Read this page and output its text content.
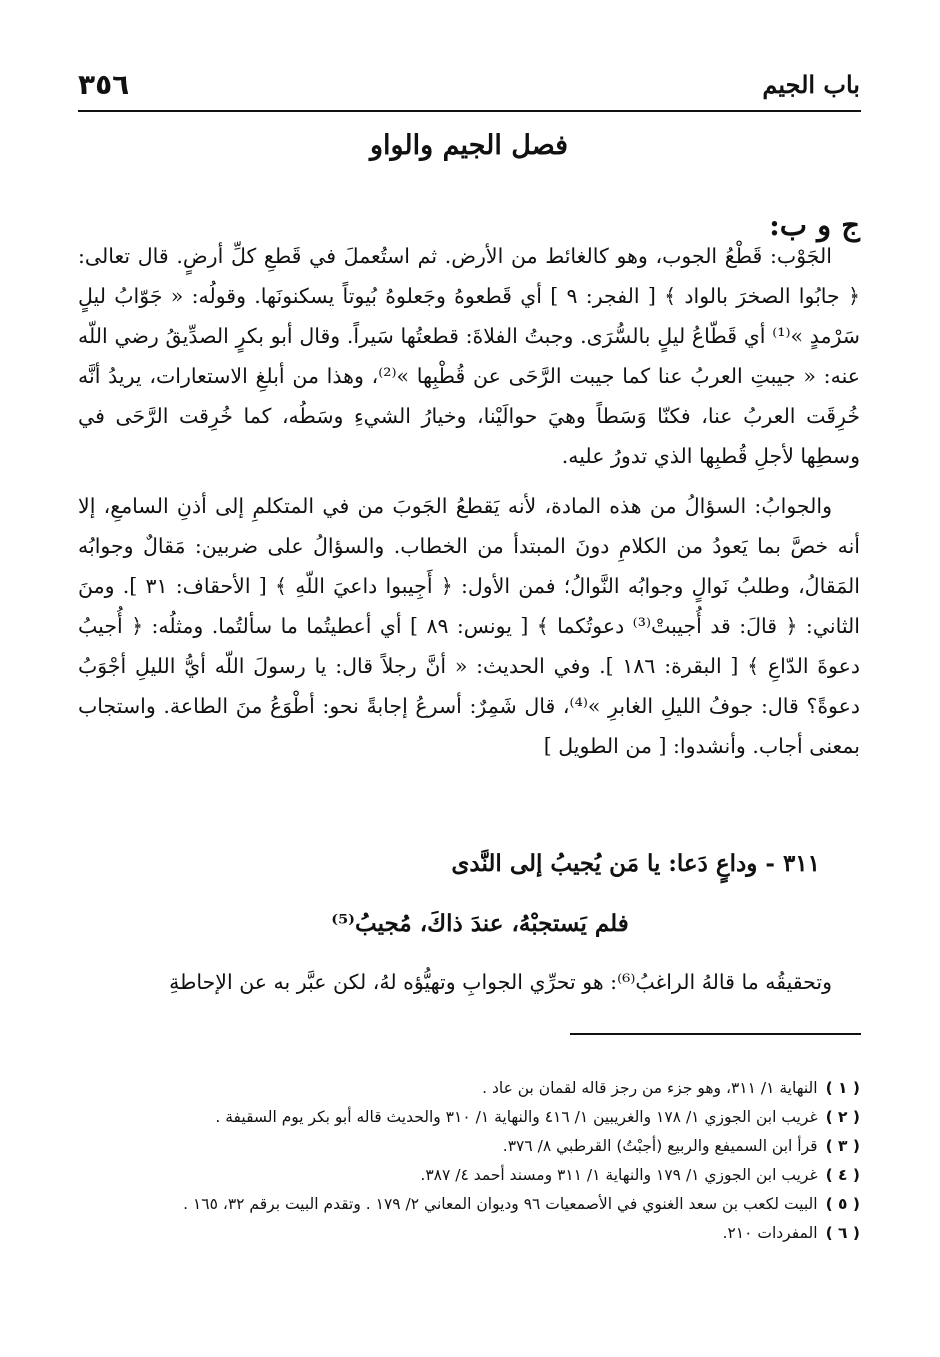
باب الجيم
٣٥٦
فصل الجيم والواو
ج و ب:

الجَوْب: قَطْعُ الجوب، وهو كالغائط من الأرض. ثم استُعملَ في قَطعِ كلِّ أرضٍ. قال تعالى: ﴿ جابُوا الصخرَ بالواد ﴾ [ الفجر: ٩ ] أي قَطعوهُ وجَعلوهُ بُيوتاً يسكنونَها. وقولُه: « جَوّابُ ليلٍ سَرْمدٍ »⁽¹⁾ أي قَطّاعُ ليلٍ بالسُّرَى. وجبتُ الفلاةَ: قطعتُها سَيراً. وقال أبو بكرٍ الصدِّيقُ رضي اللّه عنه: « جيبتِ العربُ عنا كما جيبت الرَّحَى عن قُطْبِها »⁽²⁾، وهذا من أبلغِ الاستعارات، يريدُ أنَّه خُرِقَت العربُ عنا، فكنّا وَسَطاً وهيَ حوالَيْنا، وخيارُ الشيءِ وسَطُه، كما خُرِقت الرَّحَى في وسطِها لأجلِ قُطبِها الذي تدورُ عليه.

والجوابُ: السؤالُ من هذه المادة، لأنه يَقطعُ الجَوبَ من في المتكلمِ إلى أذنِ السامعِ، إلا أنه خصَّ بما يَعودُ من الكلامِ دونَ المبتدأ من الخطاب. والسؤالُ على ضربين: مَقالٌ وجوابُه المَقالُ، وطلبُ نَوالٍ وجوابُه النَّوالُ؛ فمن الأول: ﴿ أَجِيبوا داعيَ اللّهِ ﴾ [ الأحقاف: ٣١ ]. ومنَ الثاني: ﴿ قالَ: قد أُجيبتْ⁽³⁾ دعوتُكما ﴾ [ يونس: ٨٩ ] أي أعطيتُما ما سألتُما. ومثلُه: ﴿ أُجيبُ دعوةَ الدّاعِ ﴾ [ البقرة: ١٨٦ ]. وفي الحديث: « أنَّ رجلاً قال: يا رسولَ اللّه أيُّ الليلِ أجْوَبُ دعوةً؟ قال: جوفُ الليلِ الغابرِ »⁽⁴⁾، قال شَمِرٌ: أسرعُ إجابةً نحو: أطْوَعُ منَ الطاعة. واستجاب بمعنى أجاب. وأنشدوا: [ من الطويل ]

٣١١ - وداعٍ دَعا: يا مَن يُجيبُ إلى النَّدى
فلم يَستجبْهُ، عندَ ذاكَ، مُجيبُ⁽⁵⁾
وتحقيقُه ما قالهُ الراغبُ⁽⁶⁾: هو تحرِّي الجوابِ وتهيُّؤه لهُ، لكن عبَّر به عن الإحاطةِ
( ١ )النهاية ١/ ٣١١، وهو جزء من رجز قاله لقمان بن عاد .
( ٢ )غريب ابن الجوزي ١/ ١٧٨ والغريبين ١/ ٤١٦ والنهاية ١/ ٣١٠ والحديث قاله أبو بكر يوم السقيفة .
( ٣ )قرأ ابن السميفع والربيع (أجبْتُ) القرطبي ٨/ ٣٧٦.
( ٤ )غريب ابن الجوزي ١/ ١٧٩ والنهاية ١/ ٣١١ ومسند أحمد ٤/ ٣٨٧.
( ٥ )البيت لكعب بن سعد الغنوي في الأصمعيات ٩٦ وديوان المعاني ٢/ ١٧٩ . وتقدم البيت برقم ٣٢، ١٦٥ .
( ٦ )المفردات ٢١٠.
